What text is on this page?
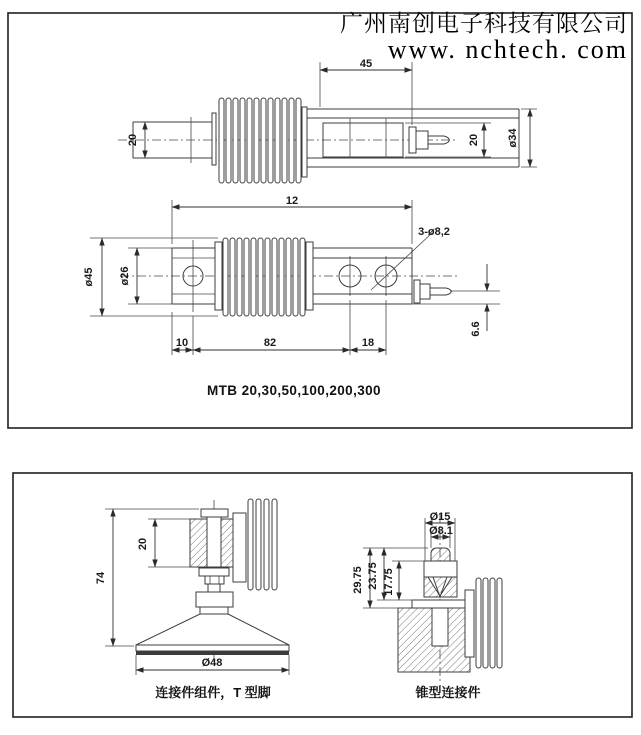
45
20	20 ø34
3-ø8,2
12
ø45 ø26
10	82	18
6.6
MTB 20,30,50,100,200,300
74
20
Ø48
连接件组件，T 型脚
Ø15
Ø8.1
29.75 23.75 17.75
锥型连接件
广州南创电子科技有限公司
www. nchtech. com
